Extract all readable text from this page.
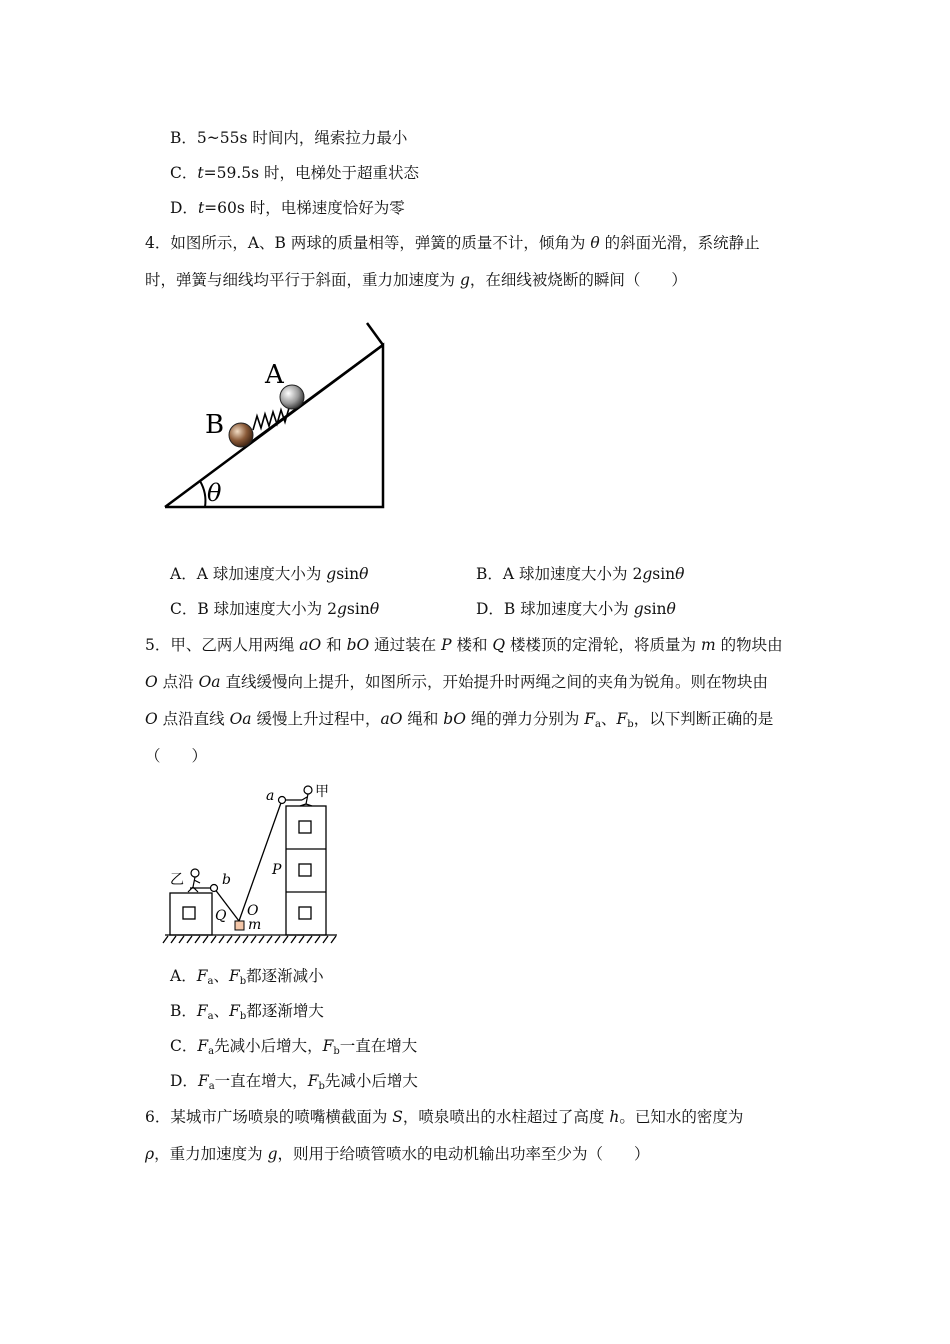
B．5~55s 时间内，绳索拉力最小
C．t=59.5s 时，电梯处于超重状态
D．t=60s 时，电梯速度恰好为零
4．如图所示，A、B 两球的质量相等，弹簧的质量不计，倾角为 θ 的斜面光滑，系统静止
时，弹簧与细线均平行于斜面，重力加速度为 g，在细线被烧断的瞬间（　　）
θ
A
B
A．A 球加速度大小为 gsinθ	B．A 球加速度大小为 2gsinθ
C．B 球加速度大小为 2gsinθ	D．B 球加速度大小为 gsinθ
5．甲、乙两人用两绳 aO 和 bO 通过装在 P 楼和 Q 楼楼顶的定滑轮，将质量为 m 的物块由
O 点沿 Oa 直线缓慢向上提升，如图所示，开始提升时两绳之间的夹角为锐角。则在物块由
O 点沿直线 Oa 缓慢上升过程中，aO 绳和 bO 绳的弹力分别为 $F_a$、$F_b$，以下判断正确的是
（　　）
甲
乙
a
b
P
Q O
m
A．$F_a$、$F_b$都逐渐减小
B．$F_a$、$F_b$都逐渐增大
C．$F_a$先减小后增大，$F_b$一直在增大
D．$F_a$一直在增大，$F_b$先减小后增大
6．某城市广场喷泉的喷嘴横截面为 S，喷泉喷出的水柱超过了高度 h。已知水的密度为
ρ，重力加速度为 g，则用于给喷管喷水的电动机输出功率至少为（　　）
